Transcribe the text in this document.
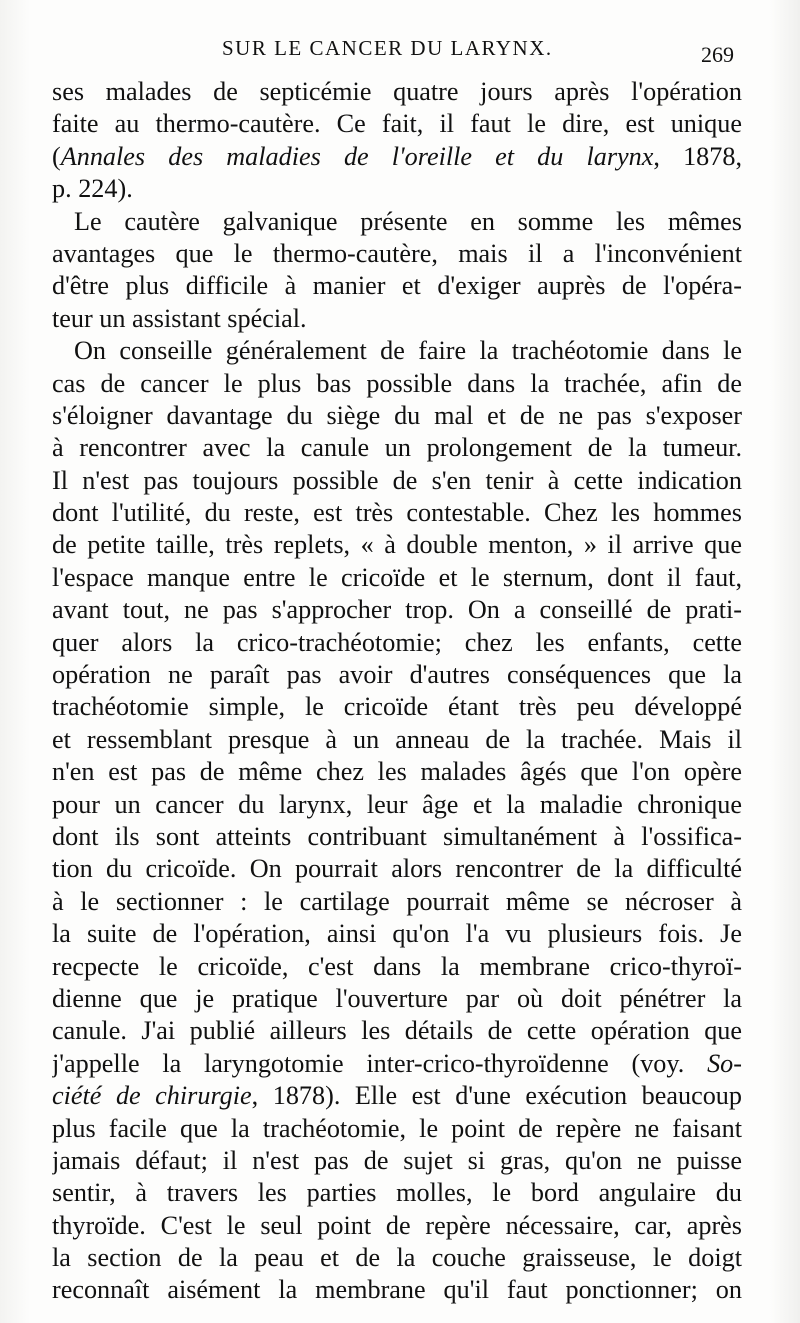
SUR LE CANCER DU LARYNX.	269
ses malades de septicémie quatre jours après l'opération
faite au thermo-cautère. Ce fait, il faut le dire, est unique
(Annales des maladies de l'oreille et du larynx, 1878,
p. 224).
Le cautère galvanique présente en somme les mêmes
avantages que le thermo-cautère, mais il a l'inconvénient
d'être plus difficile à manier et d'exiger auprès de l'opéra-
teur un assistant spécial.
On conseille généralement de faire la trachéotomie dans le
cas de cancer le plus bas possible dans la trachée, afin de
s'éloigner davantage du siège du mal et de ne pas s'exposer
à rencontrer avec la canule un prolongement de la tumeur.
Il n'est pas toujours possible de s'en tenir à cette indication
dont l'utilité, du reste, est très contestable. Chez les hommes
de petite taille, très replets, « à double menton, » il arrive que
l'espace manque entre le cricoïde et le sternum, dont il faut,
avant tout, ne pas s'approcher trop. On a conseillé de prati-
quer alors la crico-trachéotomie; chez les enfants, cette
opération ne paraît pas avoir d'autres conséquences que la
trachéotomie simple, le cricoïde étant très peu développé
et ressemblant presque à un anneau de la trachée. Mais il
n'en est pas de même chez les malades âgés que l'on opère
pour un cancer du larynx, leur âge et la maladie chronique
dont ils sont atteints contribuant simultanément à l'ossifica-
tion du cricoïde. On pourrait alors rencontrer de la difficulté
à le sectionner : le cartilage pourrait même se nécroser à
la suite de l'opération, ainsi qu'on l'a vu plusieurs fois. Je
recpecte le cricoïde, c'est dans la membrane crico-thyroï-
dienne que je pratique l'ouverture par où doit pénétrer la
canule. J'ai publié ailleurs les détails de cette opération que
j'appelle la laryngotomie inter-crico-thyroïdenne (voy. So-
ciété de chirurgie, 1878). Elle est d'une exécution beaucoup
plus facile que la trachéotomie, le point de repère ne faisant
jamais défaut; il n'est pas de sujet si gras, qu'on ne puisse
sentir, à travers les parties molles, le bord angulaire du
thyroïde. C'est le seul point de repère nécessaire, car, après
la section de la peau et de la couche graisseuse, le doigt
reconnaît aisément la membrane qu'il faut ponctionner; on
